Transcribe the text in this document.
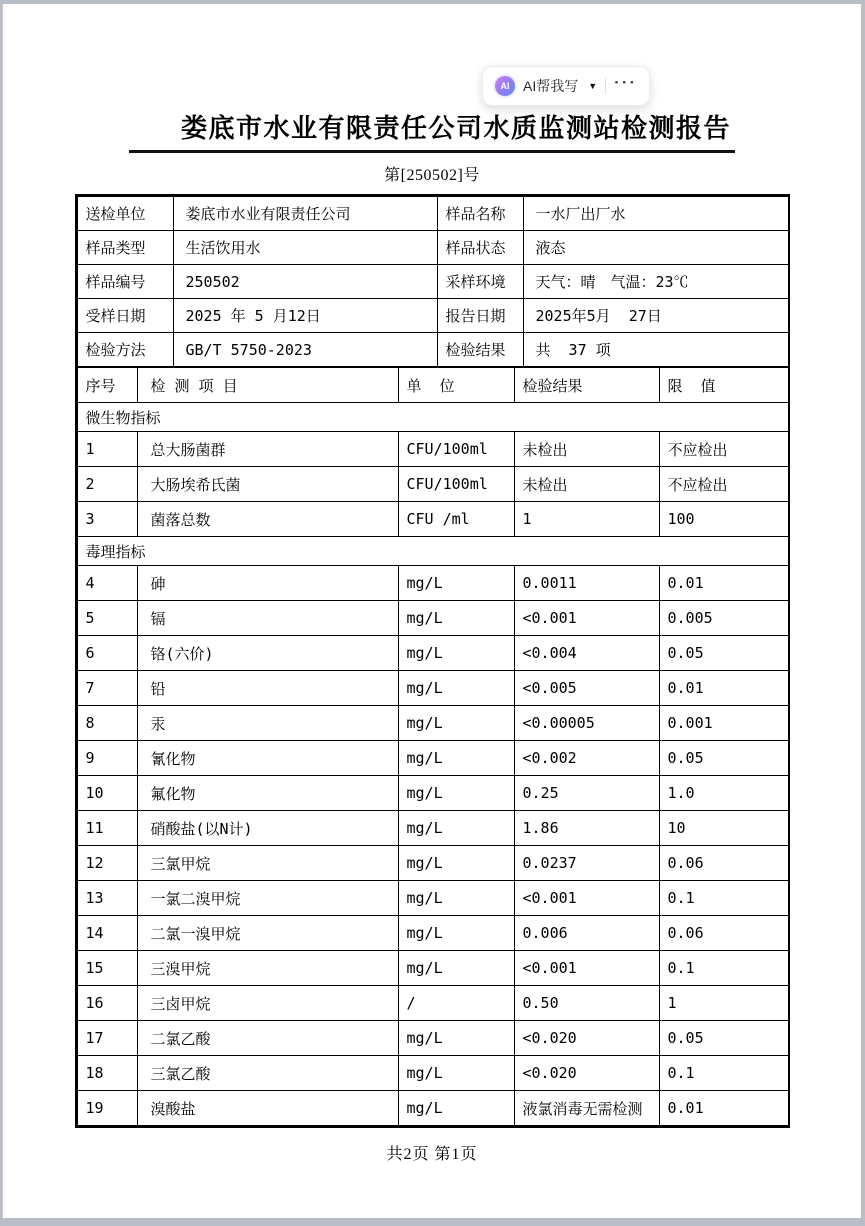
AI AI帮我写 ▼ ···
娄底市水业有限责任公司水质监测站检测报告
第[250502]号
送检单位	娄底市水业有限责任公司	样品名称	一水厂出厂水
样品类型	生活饮用水	样品状态	液态
样品编号	250502	采样环境	天气：晴　气温：23℃
受样日期	2025 年 5 月12日	报告日期	2025年5月  27日
检验方法	GB/T 5750-2023	检验结果	共  37 项
序号	检 测 项 目	单  位	检验结果	限  值
微生物指标				
1	总大肠菌群	CFU/100ml	未检出	不应检出
2	大肠埃希氏菌	CFU/100ml	未检出	不应检出
3	菌落总数	CFU /ml	1	100
毒理指标				
4	砷	mg/L	0.0011	0.01
5	镉	mg/L	<0.001	0.005
6	铬(六价)	mg/L	<0.004	0.05
7	铅	mg/L	<0.005	0.01
8	汞	mg/L	<0.00005	0.001
9	氰化物	mg/L	<0.002	0.05
10	氟化物	mg/L	0.25	1.0
11	硝酸盐(以N计)	mg/L	1.86	10
12	三氯甲烷	mg/L	0.0237	0.06
13	一氯二溴甲烷	mg/L	<0.001	0.1
14	二氯一溴甲烷	mg/L	0.006	0.06
15	三溴甲烷	mg/L	<0.001	0.1
16	三卤甲烷	/	0.50	1
17	二氯乙酸	mg/L	<0.020	0.05
18	三氯乙酸	mg/L	<0.020	0.1
19	溴酸盐	mg/L	液氯消毒无需检测	0.01
共2页 第1页
